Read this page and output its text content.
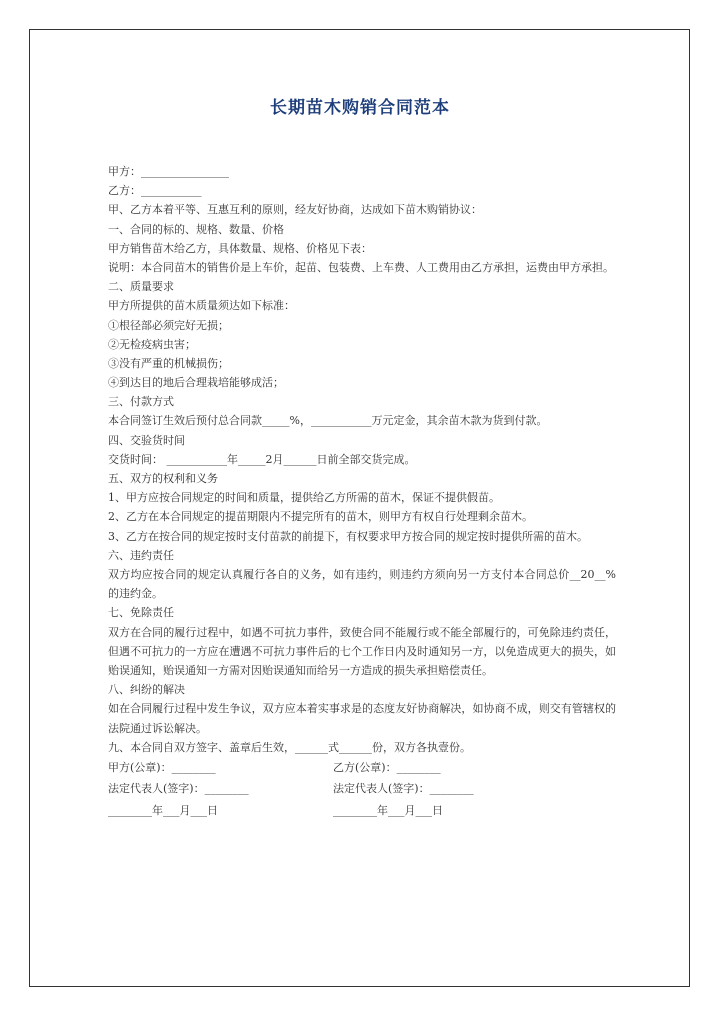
长期苗木购销合同范本
甲方：________________
乙方：___________
甲、乙方本着平等、互惠互利的原则，经友好协商，达成如下苗木购销协议：
一、合同的标的、规格、数量、价格
甲方销售苗木给乙方，具体数量、规格、价格见下表：
说明：本合同苗木的销售价是上车价，起苗、包装费、上车费、人工费用由乙方承担，运费由甲方承担。
二、质量要求
甲方所提供的苗木质量须达如下标准：
①根径部必须完好无损；
②无检疫病虫害；
③没有严重的机械损伤；
④到达目的地后合理栽培能够成活；
三、付款方式
本合同签订生效后预付总合同款_____%，___________万元定金，其余苗木款为货到付款。
四、交验货时间
交货时间： ___________年_____2月______日前全部交货完成。
五、双方的权利和义务
1、甲方应按合同规定的时间和质量，提供给乙方所需的苗木，保证不提供假苗。
2、乙方在本合同规定的提苗期限内不提完所有的苗木，则甲方有权自行处理剩余苗木。
3、乙方在按合同的规定按时支付苗款的前提下，有权要求甲方按合同的规定按时提供所需的苗木。
六、违约责任
双方均应按合同的规定认真履行各自的义务，如有违约，则违约方须向另一方支付本合同总价__20__%的违约金。
七、免除责任
双方在合同的履行过程中，如遇不可抗力事件，致使合同不能履行或不能全部履行的，可免除违约责任，但遇不可抗力的一方应在遭遇不可抗力事件后的七个工作日内及时通知另一方，以免造成更大的损失，如贻误通知，贻误通知一方需对因贻误通知而给另一方造成的损失承担赔偿责任。
八、纠纷的解决
如在合同履行过程中发生争议，双方应本着实事求是的态度友好协商解决，如协商不成，则交有管辖权的法院通过诉讼解决。
九、本合同自双方签字、盖章后生效，______式______份，双方各执壹份。
甲方(公章)：________	乙方(公章)：________
法定代表人(签字)：________	法定代表人(签字)：________
________年___月___日	________年___月___日
